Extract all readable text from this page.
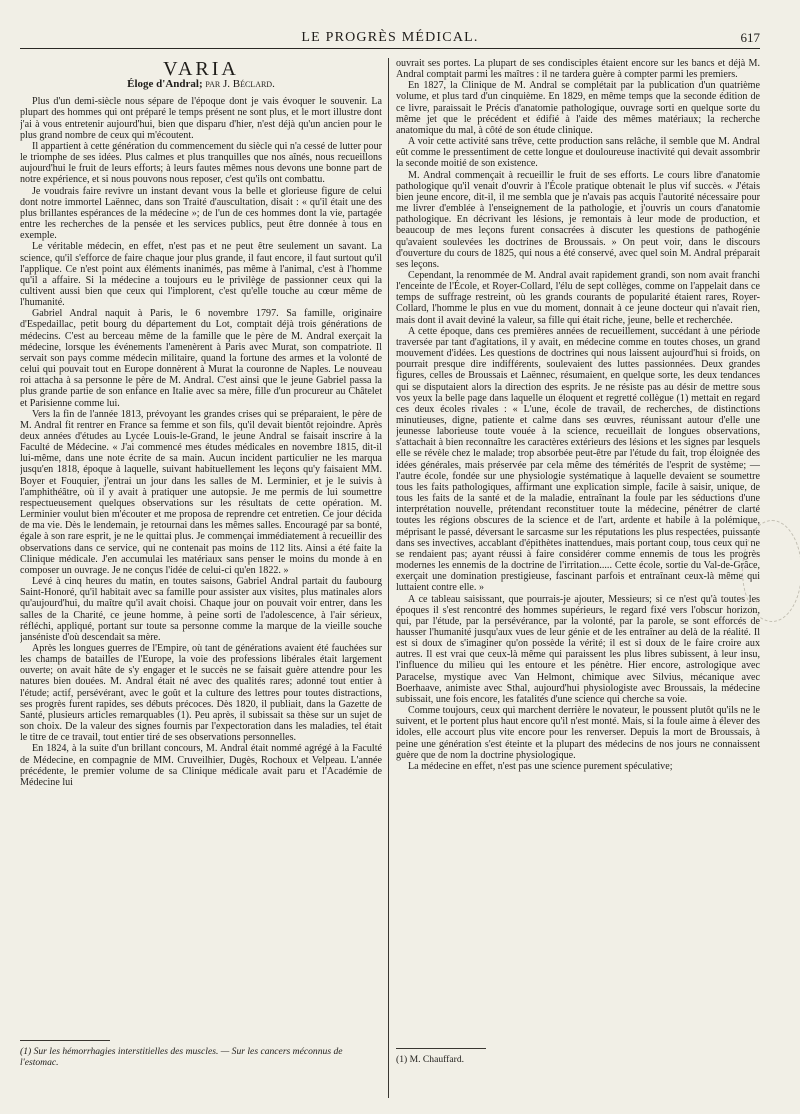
LE PROGRÈS MÉDICAL.	617
VARIA
Éloge d'Andral; par J. Béclard.

Plus d'un demi-siècle nous sépare de l'époque dont je vais évoquer le souvenir. La plupart des hommes qui ont préparé le temps présent ne sont plus, et le mort illustre dont j'ai à vous entretenir aujourd'hui, bien que disparu d'hier, n'est déjà qu'un ancien pour le plus grand nombre de ceux qui m'écoutent.

Il appartient à cette génération du commencement du siècle qui n'a cessé de lutter pour le triomphe de ses idées. Plus calmes et plus tranquilles que nos aînés, nous recueillons aujourd'hui le fruit de leurs efforts; à leurs fautes mêmes nous devons une bonne part de notre expérience, et si nous pouvons nous reposer, c'est qu'ils ont combattu.

Je voudrais faire revivre un instant devant vous la belle et glorieuse figure de celui dont notre immortel Laënnec, dans son Traité d'auscultation, disait : « qu'il était une des plus brillantes espérances de la médecine »; de l'un de ces hommes dont la vie, partagée entre les recherches de la pensée et les services publics, peut être donnée à tous en exemple.

Le véritable médecin, en effet, n'est pas et ne peut être seulement un savant. La science, qu'il s'efforce de faire chaque jour plus grande, il faut encore, il faut surtout qu'il l'applique. Ce n'est point aux éléments inanimés, pas même à l'animal, c'est à l'homme qu'il a affaire. Si la médecine a toujours eu le privilège de passionner ceux qui la cultivent aussi bien que ceux qui l'implorent, c'est qu'elle touche au cœur même de l'humanité.

Gabriel Andral naquit à Paris, le 6 novembre 1797. Sa famille, originaire d'Espedaillac, petit bourg du département du Lot, comptait déjà trois générations de médecins. C'est au berceau même de la famille que le père de M. Andral exerçait la médecine, lorsque les événements l'amenèrent à Paris avec Murat, son compatriote. Il servait son pays comme médecin militaire, quand la fortune des armes et la volonté de celui qui pouvait tout en Europe donnèrent à Murat la couronne de Naples. Le nouveau roi attacha à sa personne le père de M. Andral. C'est ainsi que le jeune Gabriel passa la plus grande partie de son enfance en Italie avec sa mère, fille d'un procureur au Châtelet et Parisienne comme lui.

Vers la fin de l'année 1813, prévoyant les grandes crises qui se préparaient, le père de M. Andral fit rentrer en France sa femme et son fils, qu'il devait bientôt rejoindre. Après deux années d'études au Lycée Louis-le-Grand, le jeune Andral se faisait inscrire à la Faculté de Médecine. « J'ai commencé mes études médicales en novembre 1815, dit-il lui-même, dans une note écrite de sa main. Aucun incident particulier ne les marqua jusqu'en 1818, époque à laquelle, suivant habituellement les leçons qu'y faisaient MM. Boyer et Fouquier, j'entrai un jour dans les salles de M. Lerminier, et je le suivis à l'amphithéâtre, où il y avait à pratiquer une autopsie. Je me permis de lui soumettre respectueusement quelques observations sur les résultats de cette opération. M. Lerminier voulut bien m'écouter et me proposa de reprendre cet entretien. Ce jour décida de ma vie. Dès le lendemain, je retournai dans les mêmes salles. Encouragé par sa bonté, égale à son rare esprit, je ne le quittai plus. Je commençai immédiatement à recueillir des observations dans ce service, qui ne contenait pas moins de 112 lits. Ainsi a été faite la Clinique médicale. J'en accumulai les matériaux sans penser le moins du monde à en composer un ouvrage. Je ne conçus l'idée de celui-ci qu'en 1822. »

Levé à cinq heures du matin, en toutes saisons, Gabriel Andral partait du faubourg Saint-Honoré, qu'il habitait avec sa famille pour assister aux visites, plus matinales alors qu'aujourd'hui, du maître qu'il avait choisi. Chaque jour on pouvait voir entrer, dans les salles de la Charité, ce jeune homme, à peine sorti de l'adolescence, à l'air sérieux, réfléchi, appliqué, portant sur toute sa personne comme la marque de la vieille souche janséniste d'où descendait sa mère.

Après les longues guerres de l'Empire, où tant de générations avaient été fauchées sur les champs de batailles de l'Europe, la voie des professions libérales était largement ouverte; on avait hâte de s'y engager et le succès ne se faisait guère attendre pour les natures bien douées. M. Andral était né avec des qualités rares; adonné tout entier à l'étude; actif, persévérant, avec le goût et la culture des lettres pour toutes distractions, ses progrès furent rapides, ses débuts précoces. Dès 1820, il publiait, dans la Gazette de Santé, plusieurs articles remarquables (1). Peu après, il subissait sa thèse sur un sujet de son choix. De la valeur des signes fournis par l'expectoration dans les maladies, tel était le titre de ce travail, tout entier tiré de ses observations personnelles.

En 1824, à la suite d'un brillant concours, M. Andral était nommé agrégé à la Faculté de Médecine, en compagnie de MM. Cruveilhier, Dugès, Rochoux et Velpeau. L'année précédente, le premier volume de sa Clinique médicale avait paru et l'Académie de Médecine lui

ouvrait ses portes. La plupart de ses condisciples étaient encore sur les bancs et déjà M. Andral comptait parmi les maîtres : il ne tardera guère à compter parmi les premiers.

En 1827, la Clinique de M. Andral se complétait par la publication d'un quatrième volume, et plus tard d'un cinquième. En 1829, en même temps que la seconde édition de ce livre, paraissait le Précis d'anatomie pathologique, ouvrage sorti en quelque sorte du même jet que le précédent et édifié à l'aide des mêmes matériaux; la recherche anatomique du mal, à côté de son étude clinique.

A voir cette activité sans trêve, cette production sans relâche, il semble que M. Andral eût comme le pressentiment de cette longue et douloureuse inactivité qui devait assombrir la seconde moitié de son existence.

M. Andral commençait à recueillir le fruit de ses efforts. Le cours libre d'anatomie pathologique qu'il venait d'ouvrir à l'École pratique obtenait le plus vif succès. « J'étais bien jeune encore, dit-il, il me sembla que je n'avais pas acquis l'autorité nécessaire pour me livrer d'emblée à l'enseignement de la pathologie, et j'ouvris un cours d'anatomie pathologique. En décrivant les lésions, je remontais à leur mode de production, et beaucoup de mes leçons furent consacrées à discuter les questions de pathogénie qu'avaient soulevées les doctrines de Broussais. » On peut voir, dans le discours d'ouverture du cours de 1825, qui nous a été conservé, avec quel soin M. Andral préparait ses leçons.

Cependant, la renommée de M. Andral avait rapidement grandi, son nom avait franchi l'enceinte de l'École, et Royer-Collard, l'élu de sept collèges, comme on l'appelait dans ce temps de suffrage restreint, où les grands courants de popularité étaient rares, Royer-Collard, l'homme le plus en vue du moment, donnait à ce jeune docteur qui n'avait rien, mais dont il avait deviné la valeur, sa fille qui était riche, jeune, belle et recherchée.

A cette époque, dans ces premières années de recueillement, succédant à une période traversée par tant d'agitations, il y avait, en médecine comme en toutes choses, un grand mouvement d'idées. Les questions de doctrines qui nous laissent aujourd'hui si froids, on pourrait presque dire indifférents, soulevaient des luttes passionnées. Deux grandes figures, celles de Broussais et Laënnec, résumaient, en quelque sorte, les deux tendances qui se disputaient alors la direction des esprits. Je ne résiste pas au désir de mettre sous vos yeux la belle page dans laquelle un éloquent et regretté collègue (1) mettait en regard ces deux écoles rivales : « L'une, école de travail, de recherches, de distinctions minutieuses, digne, patiente et calme dans ses œuvres, réunissant autour d'elle une jeunesse laborieuse toute vouée à la science, recueillait de longues observations, s'attachait à bien reconnaître les caractères extérieurs des lésions et les signes par lesquels elle se révèle chez le malade; trop absorbée peut-être par l'étude du fait, trop éloignée des idées générales, mais préservée par cela même des témérités de l'esprit de système; — l'autre école, fondée sur une physiologie systématique à laquelle devaient se soumettre tous les faits pathologiques, affirmant une explication simple, facile à saisir, unique, de tous les faits de la santé et de la maladie, entraînant la foule par les séductions d'une interprétation nouvelle, prétendant reconstituer toute la médecine, pénétrer de clarté toutes les régions obscures de la science et de l'art, ardente et habile à la polémique, méprisant le passé, déversant le sarcasme sur les réputations les plus respectées, puissante dans ses invectives, accablant d'épithètes inattendues, mais portant coup, tous ceux qui ne se rendaient pas; ayant réussi à faire considérer comme ennemis de tous les progrès modernes les ennemis de la doctrine de l'irritation..... Cette école, sortie du Val-de-Grâce, exerçait une domination prestigieuse, fascinant parfois et entraînant ceux-là même qui luttaient contre elle. »

A ce tableau saisissant, que pourrais-je ajouter, Messieurs; si ce n'est qu'à toutes les époques il s'est rencontré des hommes supérieurs, le regard fixé vers l'obscur horizon, qui, par l'étude, par la persévérance, par la volonté, par la parole, se sont efforcés de hausser l'humanité jusqu'aux vues de leur génie et de les entraîner au delà de la réalité. Il est si doux de s'imaginer qu'on possède la vérité; il est si doux de le faire croire aux autres. Il est vrai que ceux-là même qui paraissent les plus libres subissent, à leur insu, l'influence du milieu qui les entoure et les pénètre. Hier encore, astrologique avec Paracelse, mystique avec Van Helmont, chimique avec Silvius, mécanique avec Boerhaave, animiste avec Sthal, aujourd'hui physiologiste avec Broussais, la médecine subissait, une fois encore, les fatalités d'une science qui cherche sa voie.

Comme toujours, ceux qui marchent derrière le novateur, le poussent plutôt qu'ils ne le suivent, et le portent plus haut encore qu'il n'est monté. Mais, si la foule aime à élever des idoles, elle accourt plus vite encore pour les renverser. Depuis la mort de Broussais, à peine une génération s'est éteinte et la plupart des médecins de nos jours ne connaissent guère que de nom la doctrine physiologique.

La médecine en effet, n'est pas une science purement spéculative;

(1) Sur les hémorrhagies interstitielles des muscles. — Sur les cancers méconnus de l'estomac.	(1) M. Chauffard.
